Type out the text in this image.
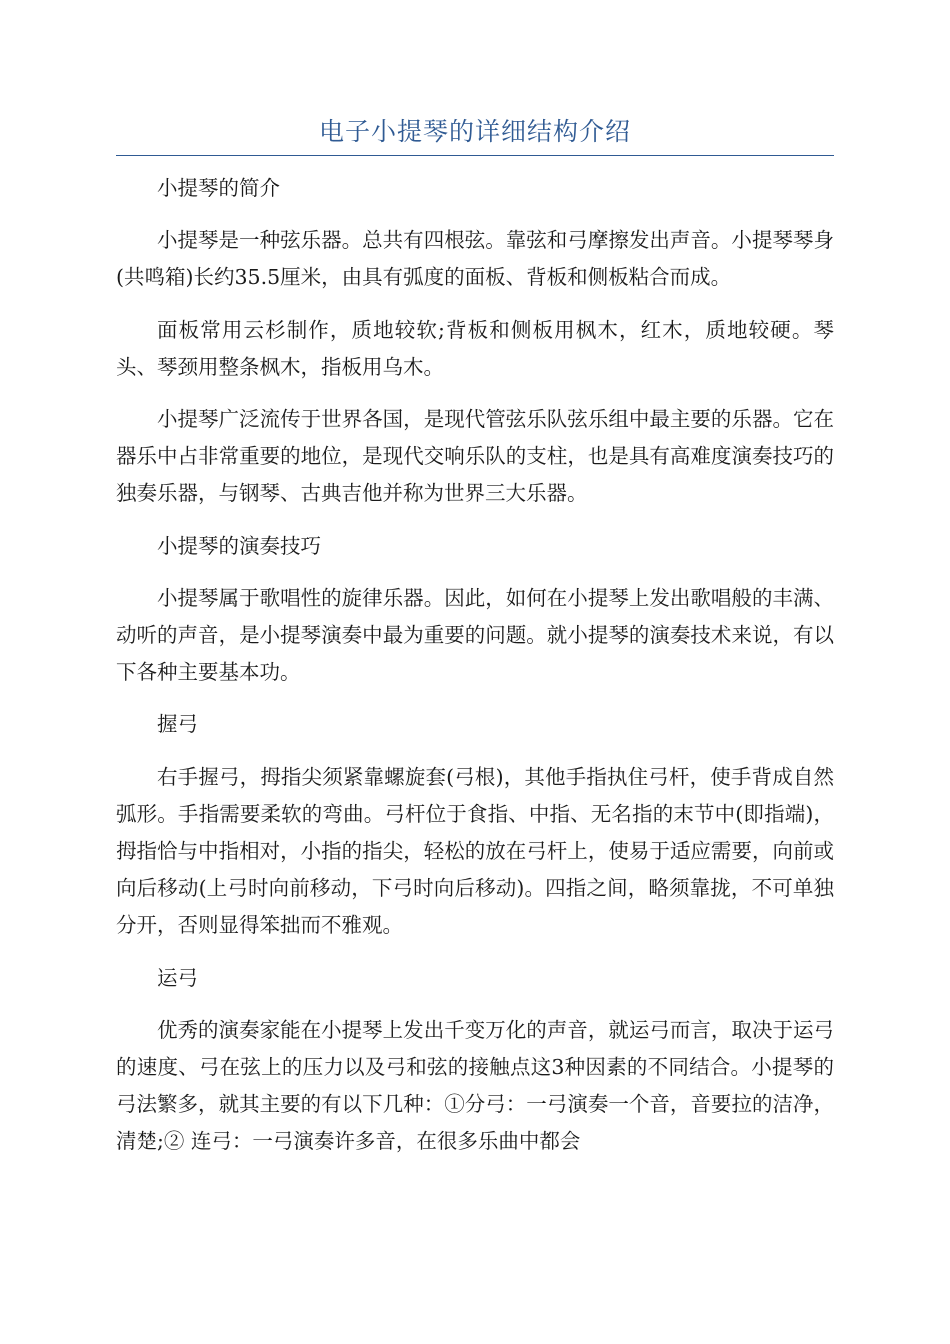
电子小提琴的详细结构介绍

小提琴的简介

小提琴是一种弦乐器。总共有四根弦。靠弦和弓摩擦发出声音。小提琴琴身(共鸣箱)长约35.5厘米，由具有弧度的面板、背板和侧板粘合而成。

面板常用云杉制作，质地较软;背板和侧板用枫木，红木，质地较硬。琴头、琴颈用整条枫木，指板用乌木。

小提琴广泛流传于世界各国，是现代管弦乐队弦乐组中最主要的乐器。它在器乐中占非常重要的地位，是现代交响乐队的支柱，也是具有高难度演奏技巧的独奏乐器，与钢琴、古典吉他并称为世界三大乐器。

小提琴的演奏技巧

小提琴属于歌唱性的旋律乐器。因此，如何在小提琴上发出歌唱般的丰满、动听的声音，是小提琴演奏中最为重要的问题。就小提琴的演奏技术来说，有以下各种主要基本功。

握弓

右手握弓，拇指尖须紧靠螺旋套(弓根)，其他手指执住弓杆，使手背成自然弧形。手指需要柔软的弯曲。弓杆位于食指、中指、无名指的末节中(即指端)，拇指恰与中指相对，小指的指尖，轻松的放在弓杆上，使易于适应需要，向前或向后移动(上弓时向前移动，下弓时向后移动)。四指之间，略须靠拢，不可单独分开，否则显得笨拙而不雅观。

运弓

优秀的演奏家能在小提琴上发出千变万化的声音，就运弓而言，取决于运弓的速度、弓在弦上的压力以及弓和弦的接触点这3种因素的不同结合。小提琴的弓法繁多，就其主要的有以下几种：①分弓：一弓演奏一个音，音要拉的洁净，清楚;② 连弓：一弓演奏许多音，在很多乐曲中都会
